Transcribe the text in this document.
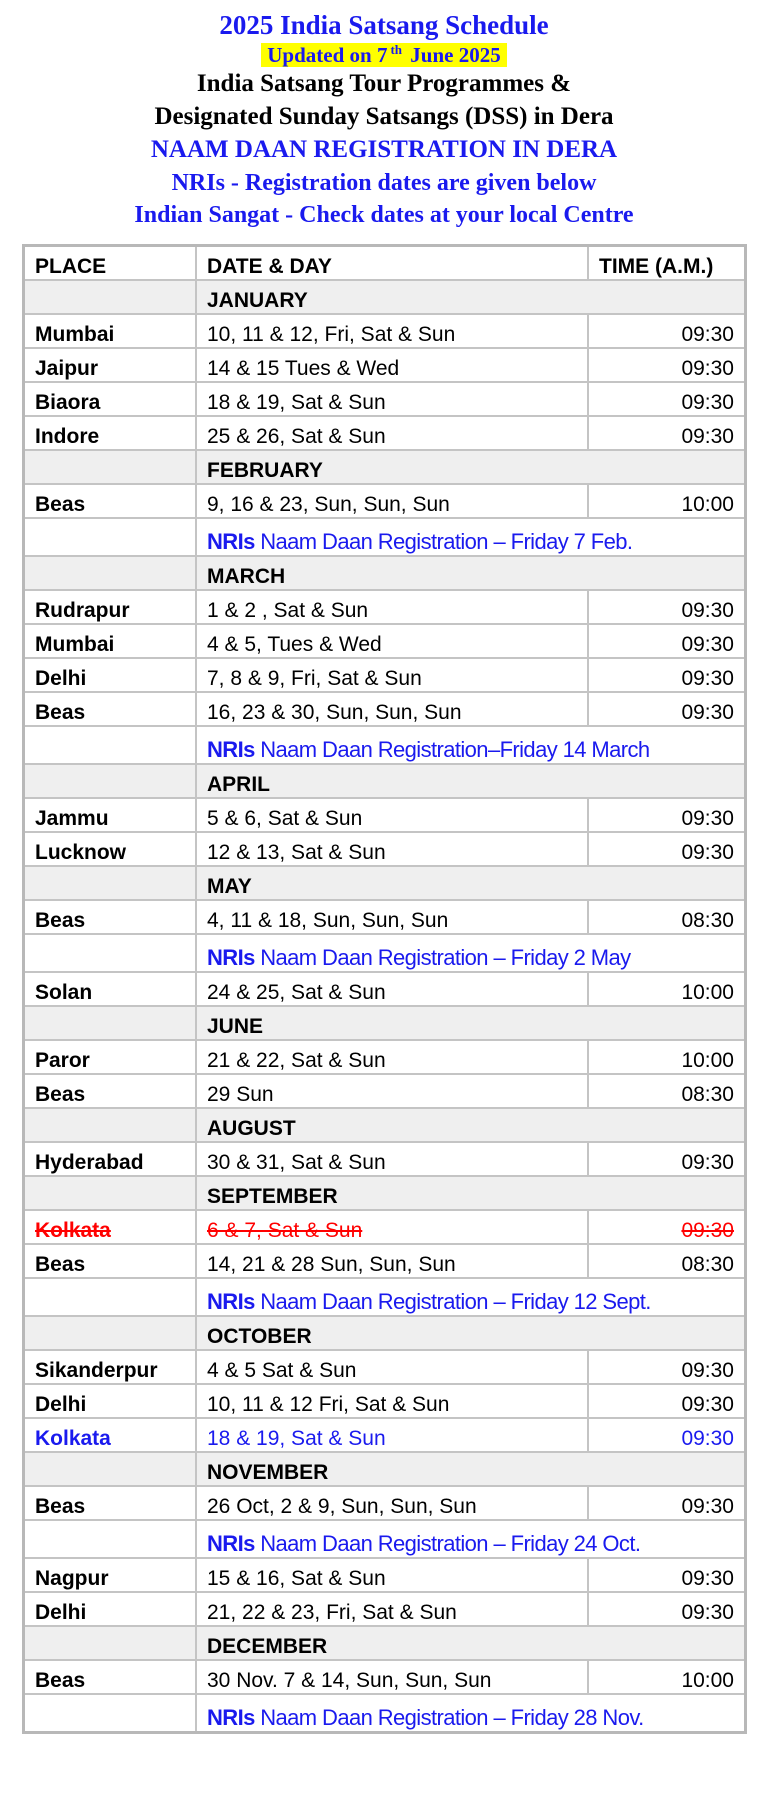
2025 India Satsang Schedule
Updated on 7 $^{th}$ June 2025
India Satsang Tour Programmes &
Designated Sunday Satsangs (DSS) in Dera
NAAM DAAN REGISTRATION IN DERA
NRIs - Registration dates are given below
Indian Sangat - Check dates at your local Centre
PLACE	DATE & DAY	TIME (A.M.)
	JANUARY	
Mumbai	10, 11 & 12, Fri, Sat & Sun	09:30
Jaipur	14 & 15 Tues & Wed	09:30
Biaora	18 & 19, Sat & Sun	09:30
Indore	25 & 26, Sat & Sun	09:30
	FEBRUARY	
Beas	9, 16 & 23, Sun, Sun, Sun	10:00
	NRIs Naam Daan Registration – Friday 7 Feb.	
	MARCH	
Rudrapur	1 & 2 , Sat & Sun	09:30
Mumbai	4 & 5, Tues & Wed	09:30
Delhi	7, 8 & 9, Fri, Sat & Sun	09:30
Beas	16, 23 & 30, Sun, Sun, Sun	09:30
	NRIs Naam Daan Registration–Friday 14 March	
	APRIL	
Jammu	5 & 6, Sat & Sun	09:30
Lucknow	12 & 13, Sat & Sun	09:30
	MAY	
Beas	4, 11 & 18, Sun, Sun, Sun	08:30
	NRIs Naam Daan Registration – Friday 2 May	
Solan	24 & 25, Sat & Sun	10:00
	JUNE	
Paror	21 & 22, Sat & Sun	10:00
Beas	29 Sun	08:30
	AUGUST	
Hyderabad	30 & 31, Sat & Sun	09:30
	SEPTEMBER	
Kolkata	6 & 7, Sat & Sun	09:30
Beas	14, 21 & 28 Sun, Sun, Sun	08:30
	NRIs Naam Daan Registration – Friday 12 Sept.	
	OCTOBER	
Sikanderpur	4 & 5 Sat & Sun	09:30
Delhi	10, 11 & 12 Fri, Sat & Sun	09:30
Kolkata	18 & 19, Sat & Sun	09:30
	NOVEMBER	
Beas	26 Oct, 2 & 9, Sun, Sun, Sun	09:30
	NRIs Naam Daan Registration – Friday 24 Oct.	
Nagpur	15 & 16, Sat & Sun	09:30
Delhi	21, 22 & 23, Fri, Sat & Sun	09:30
	DECEMBER	
Beas	30 Nov. 7 & 14, Sun, Sun, Sun	10:00
	NRIs Naam Daan Registration – Friday 28 Nov.	
